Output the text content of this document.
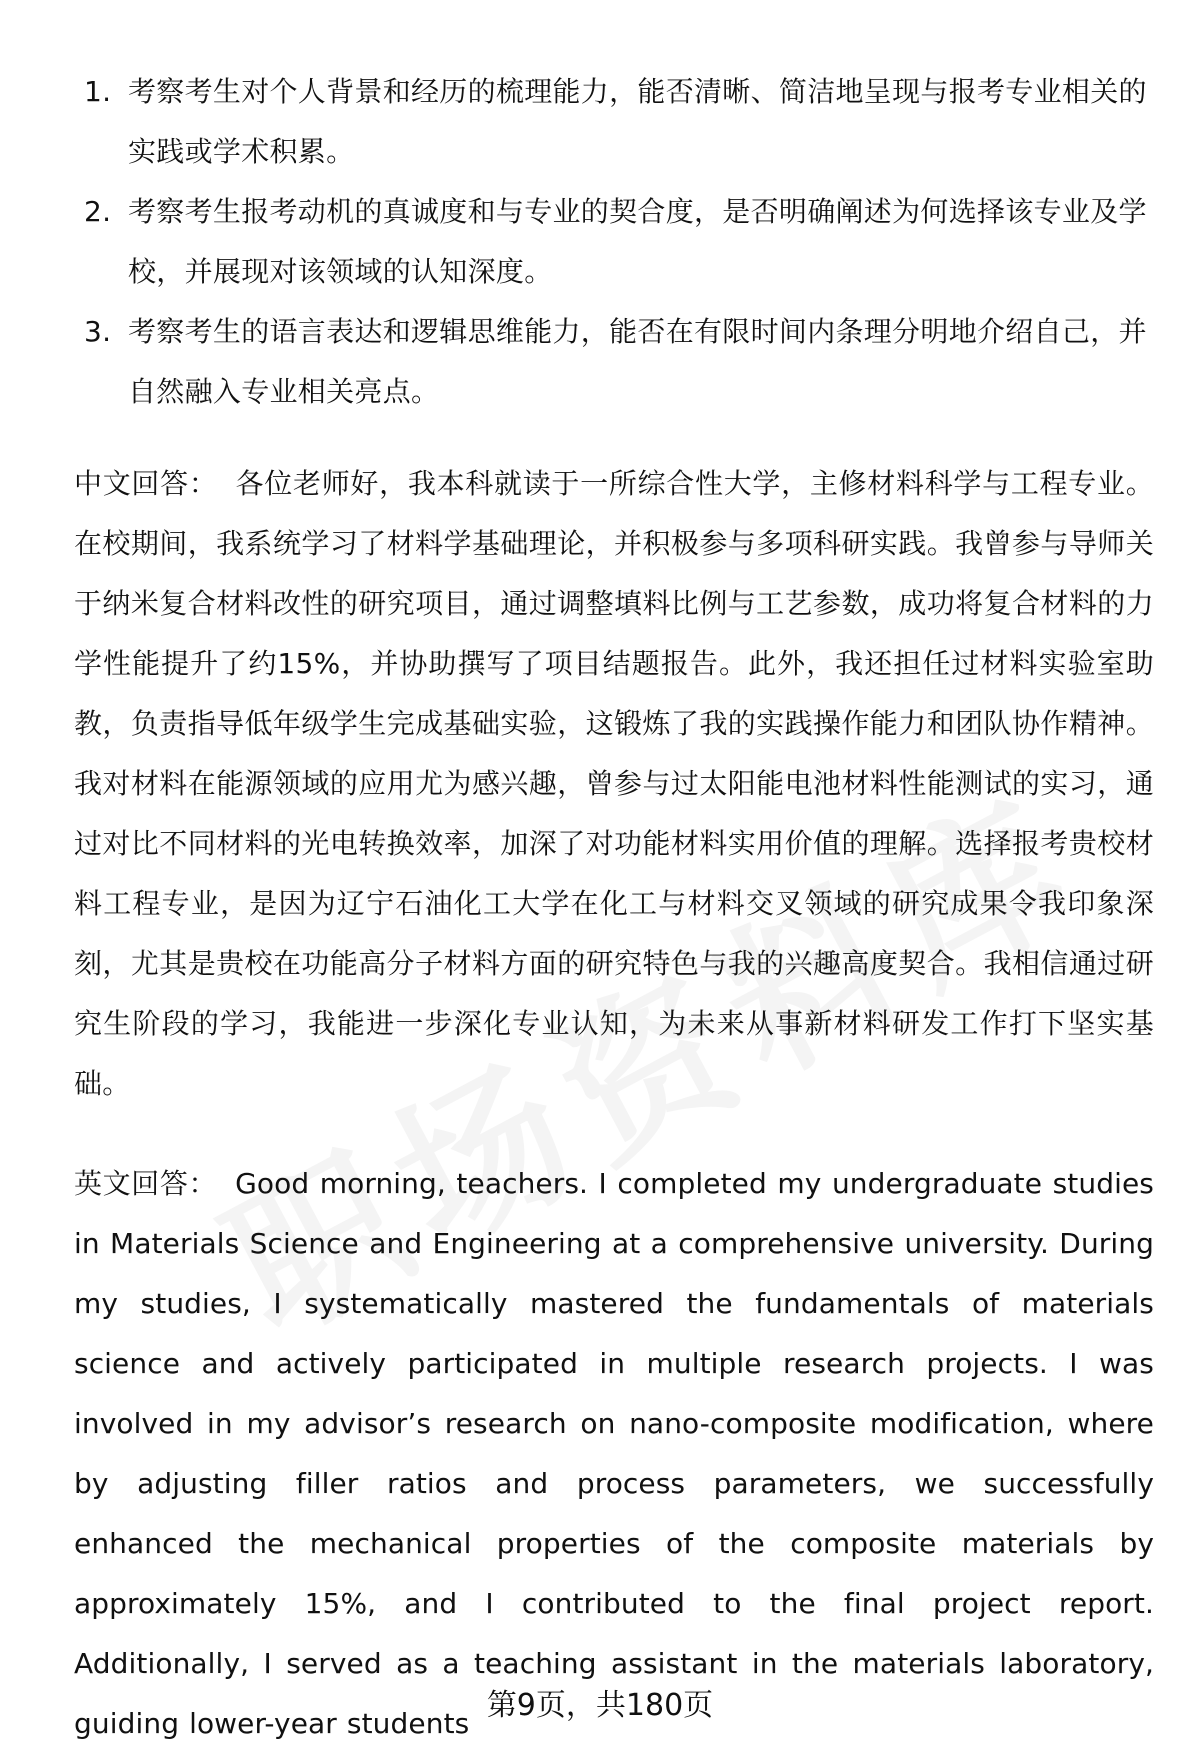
1. 考察考生对个人背景和经历的梳理能力，能否清晰、简洁地呈现与报考专业相关的实践或学术积累。
2. 考察考生报考动机的真诚度和与专业的契合度，是否明确阐述为何选择该专业及学校，并展现对该领域的认知深度。
3. 考察考生的语言表达和逻辑思维能力，能否在有限时间内条理分明地介绍自己，并自然融入专业相关亮点。

中文回答： 各位老师好，我本科就读于一所综合性大学，主修材料科学与工程专业。在校期间，我系统学习了材料学基础理论，并积极参与多项科研实践。我曾参与导师关于纳米复合材料改性的研究项目，通过调整填料比例与工艺参数，成功将复合材料的力学性能提升了约15%，并协助撰写了项目结题报告。此外，我还担任过材料实验室助教，负责指导低年级学生完成基础实验，这锻炼了我的实践操作能力和团队协作精神。我对材料在能源领域的应用尤为感兴趣，曾参与过太阳能电池材料性能测试的实习，通过对比不同材料的光电转换效率，加深了对功能材料实用价值的理解。选择报考贵校材料工程专业，是因为辽宁石油化工大学在化工与材料交叉领域的研究成果令我印象深刻，尤其是贵校在功能高分子材料方面的研究特色与我的兴趣高度契合。我相信通过研究生阶段的学习，我能进一步深化专业认知，为未来从事新材料研发工作打下坚实基础。

英文回答： Good morning, teachers. I completed my undergraduate studies in Materials Science and Engineering at a comprehensive university. During my studies, I systematically mastered the fundamentals of materials science and actively participated in multiple research projects. I was involved in my advisor’s research on nano-composite modification, where by adjusting filler ratios and process parameters, we successfully enhanced the mechanical properties of the composite materials by approximately 15%, and I contributed to the final project report. Additionally, I served as a teaching assistant in the materials laboratory, guiding lower-year students

第9页，共180页
